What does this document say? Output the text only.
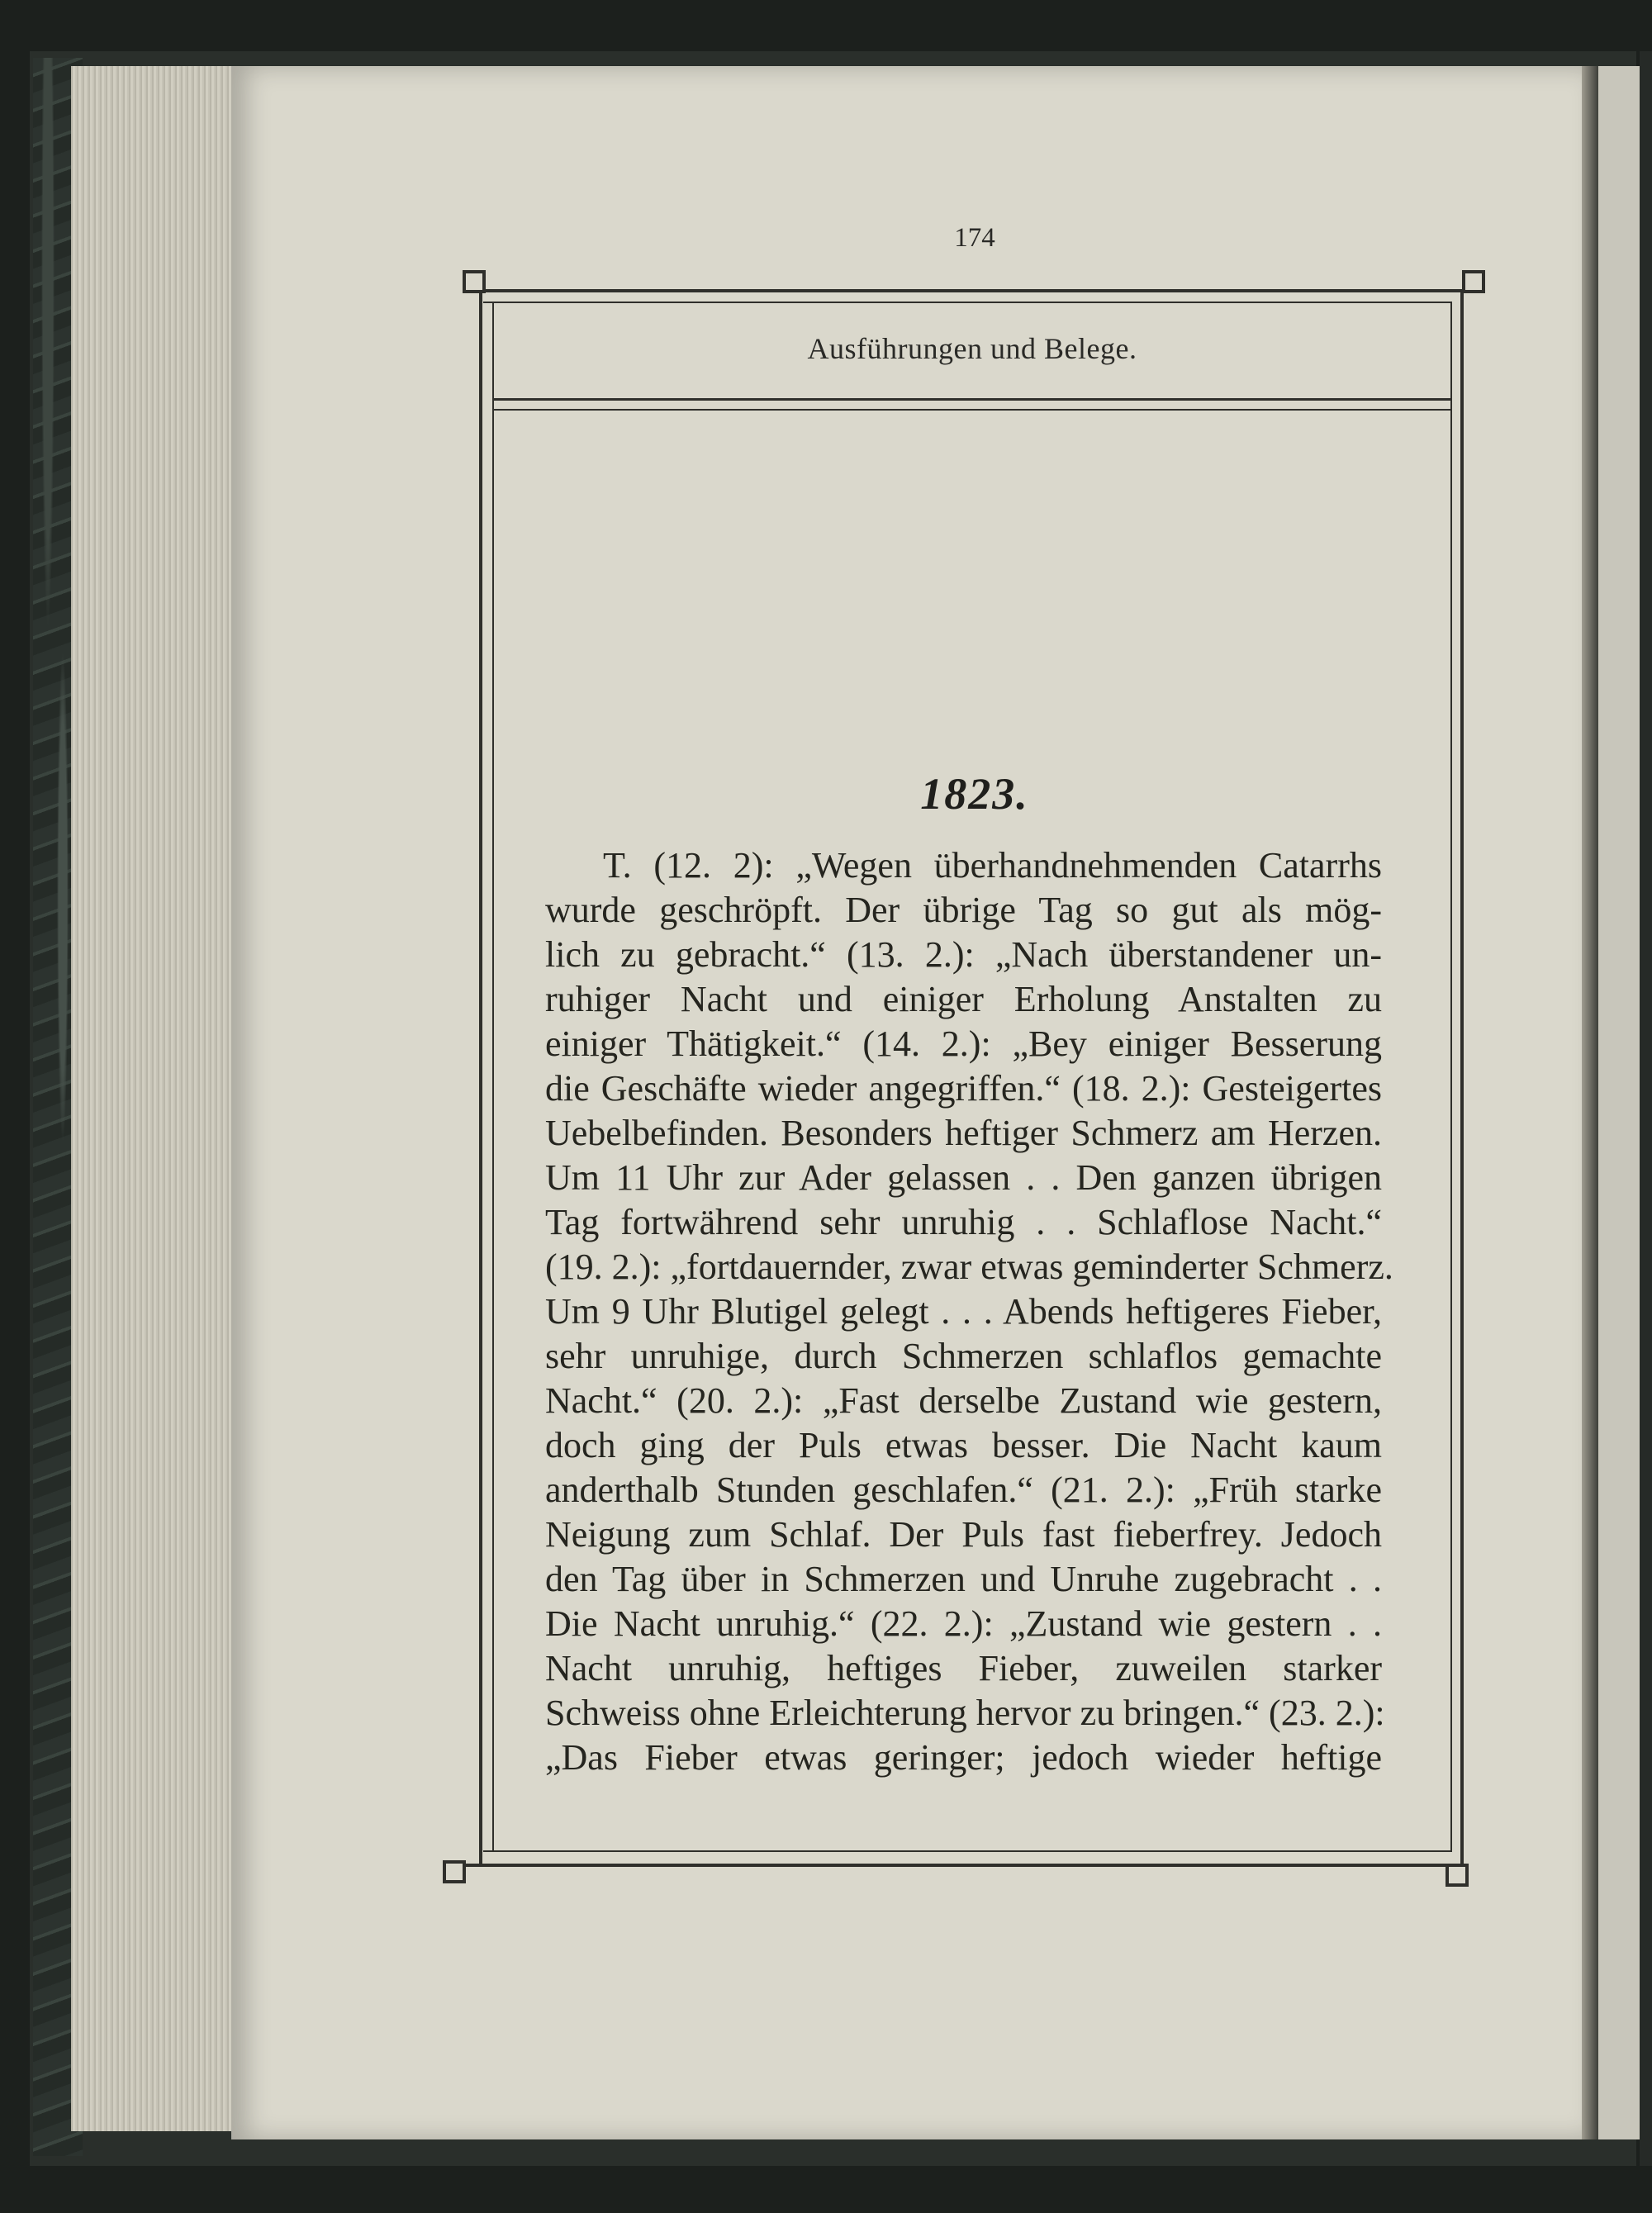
174
Ausführungen und Belege.
1823.
T. (12. 2): „Wegen überhandnehmenden Catarrhs
wurde geschröpft. Der übrige Tag so gut als mög-
lich zu gebracht.“ (13. 2.): „Nach überstandener un-
ruhiger Nacht und einiger Erholung Anstalten zu
einiger Thätigkeit.“ (14. 2.): „Bey einiger Besserung
die Geschäfte wieder angegriffen.“ (18. 2.): Gesteigertes
Uebelbefinden. Besonders heftiger Schmerz am Herzen.
Um 11 Uhr zur Ader gelassen . . Den ganzen übrigen
Tag fortwährend sehr unruhig . . Schlaflose Nacht.“
(19. 2.): „fortdauernder, zwar etwas geminderter Schmerz.
Um 9 Uhr Blutigel gelegt . . . Abends heftigeres Fieber,
sehr unruhige, durch Schmerzen schlaflos gemachte
Nacht.“ (20. 2.): „Fast derselbe Zustand wie gestern,
doch ging der Puls etwas besser. Die Nacht kaum
anderthalb Stunden geschlafen.“ (21. 2.): „Früh starke
Neigung zum Schlaf. Der Puls fast fieberfrey. Jedoch
den Tag über in Schmerzen und Unruhe zugebracht . .
Die Nacht unruhig.“ (22. 2.): „Zustand wie gestern . .
Nacht unruhig, heftiges Fieber, zuweilen starker
Schweiss ohne Erleichterung hervor zu bringen.“ (23. 2.):
„Das Fieber etwas geringer; jedoch wieder heftige
